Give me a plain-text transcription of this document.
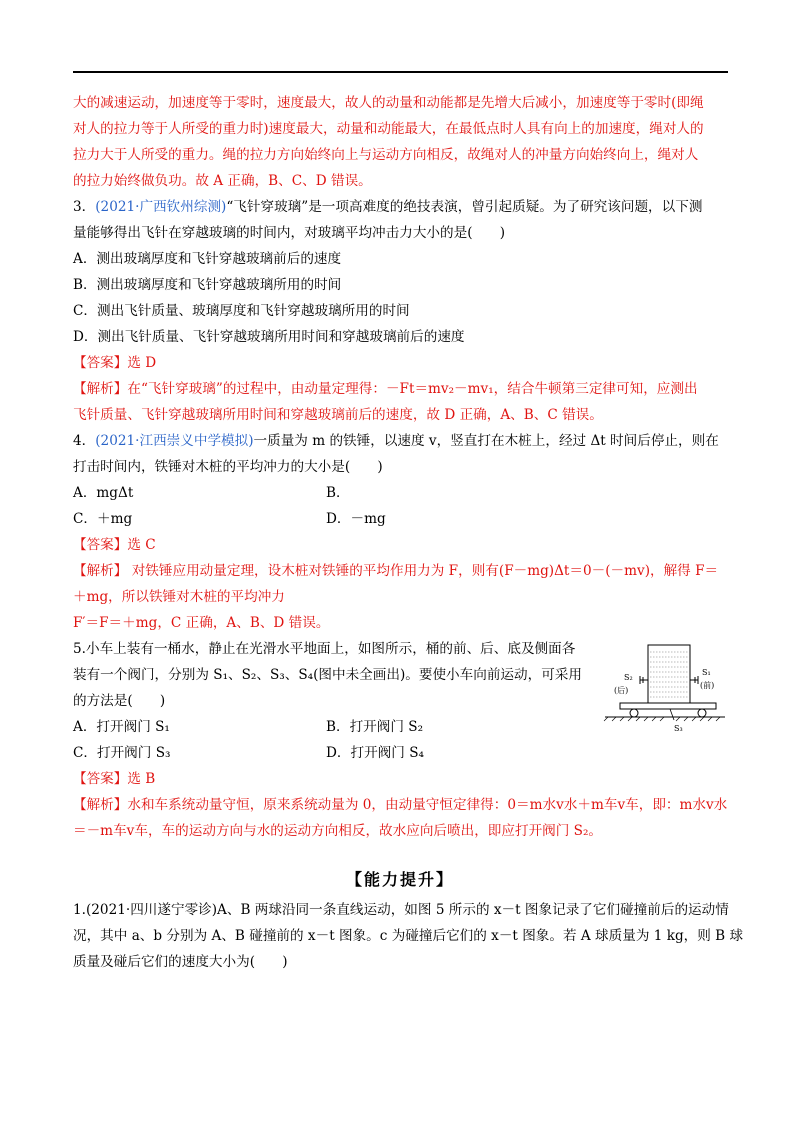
大的减速运动，加速度等于零时，速度最大，故人的动量和动能都是先增大后减小，加速度等于零时(即绳
对人的拉力等于人所受的重力时)速度最大，动量和动能最大，在最低点时人具有向上的加速度，绳对人的
拉力大于人所受的重力。绳的拉力方向始终向上与运动方向相反，故绳对人的冲量方向始终向上，绳对人
的拉力始终做负功。故 A 正确，B、C、D 错误。
3．(2021·广西钦州综测)“飞针穿玻璃”是一项高难度的绝技表演，曾引起质疑。为了研究该问题，以下测
量能够得出飞针在穿越玻璃的时间内，对玻璃平均冲击力大小的是(　　)
A．测出玻璃厚度和飞针穿越玻璃前后的速度
B．测出玻璃厚度和飞针穿越玻璃所用的时间
C．测出飞针质量、玻璃厚度和飞针穿越玻璃所用的时间
D．测出飞针质量、飞针穿越玻璃所用时间和穿越玻璃前后的速度
【答案】选 D
【解析】在“飞针穿玻璃”的过程中，由动量定理得：－Ft＝mv₂－mv₁，结合牛顿第三定律可知，应测出
飞针质量、飞针穿越玻璃所用时间和穿越玻璃前后的速度，故 D 正确，A、B、C 错误。
4．(2021·江西崇义中学模拟)一质量为 m 的铁锤，以速度 v，竖直打在木桩上，经过 Δt 时间后停止，则在
打击时间内，铁锤对木桩的平均冲力的大小是(　　)
A．mgΔt	B．
C．＋mg	D．－mg
【答案】选 C
【解析】 对铁锤应用动量定理，设木桩对铁锤的平均作用力为 F，则有(F－mg)Δt＝0－(－mv)，解得 F＝
＋mg，所以铁锤对木桩的平均冲力
F′＝F＝＋mg，C 正确，A、B、D 错误。
5.小车上装有一桶水，静止在光滑水平地面上，如图所示，桶的前、后、底及侧面各
装有一个阀门，分别为 S₁、S₂、S₃、S₄(图中未全画出)。要使小车向前运动，可采用
的方法是(　　)
A．打开阀门 S₁	B．打开阀门 S₂
C．打开阀门 S₃	D．打开阀门 S₄
【答案】选 B
【解析】水和车系统动量守恒，原来系统动量为 0，由动量守恒定律得：0＝m水v水＋m车v车，即：m水v水
＝－m车v车，车的运动方向与水的运动方向相反，故水应向后喷出，即应打开阀门 S₂。
S₁
(前)
S₂
(后)
S₃
【能力提升】
1.(2021·四川遂宁零诊)A、B 两球沿同一条直线运动，如图 5 所示的 x－t 图象记录了它们碰撞前后的运动情
况，其中 a、b 分别为 A、B 碰撞前的 x－t 图象。c 为碰撞后它们的 x－t 图象。若 A 球质量为 1 kg，则 B 球
质量及碰后它们的速度大小为(　　)
